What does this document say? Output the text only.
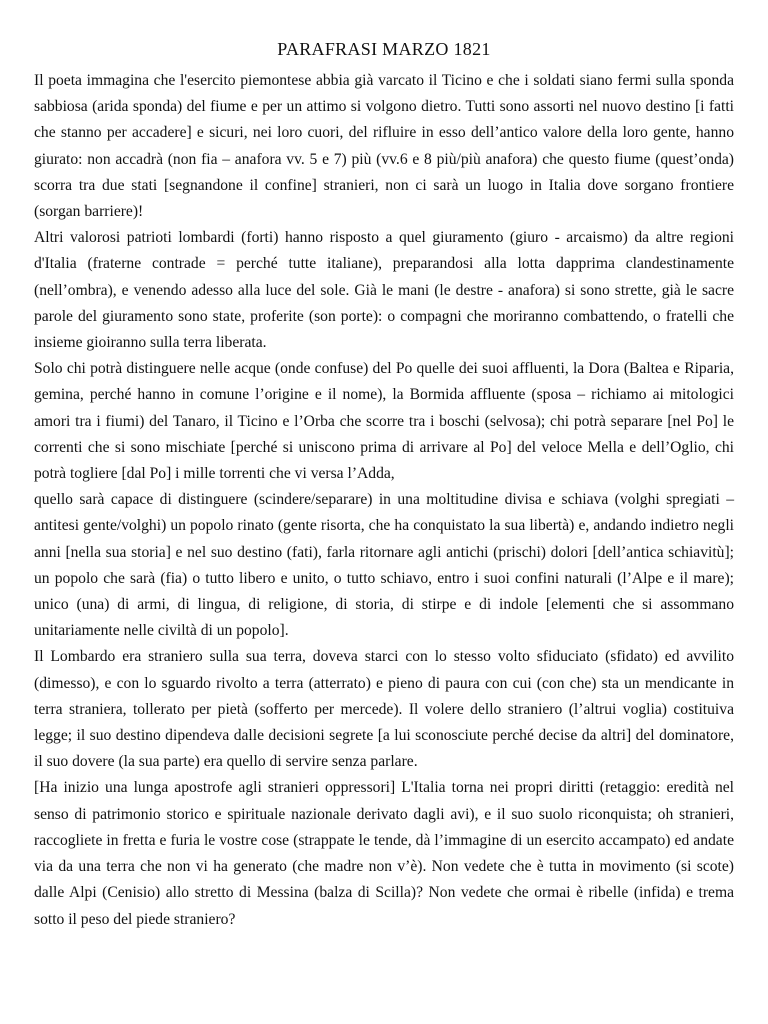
PARAFRASI MARZO 1821

Il poeta immagina che l'esercito piemontese abbia già varcato il Ticino e che i soldati siano fermi sulla sponda sabbiosa (arida sponda) del fiume e per un attimo si volgono dietro. Tutti sono assorti nel nuovo destino [i fatti che stanno per accadere] e sicuri, nei loro cuori, del rifluire in esso dell’antico valore della loro gente, hanno giurato: non accadrà (non fia – anafora vv. 5 e 7) più (vv.6 e 8 più/più anafora) che questo fiume (quest’onda) scorra tra due stati [segnandone il confine] stranieri, non ci sarà un luogo in Italia dove sorgano frontiere (sorgan barriere)!

Altri valorosi patrioti lombardi (forti) hanno risposto a quel giuramento (giuro - arcaismo) da altre regioni d'Italia (fraterne contrade = perché tutte italiane), preparandosi alla lotta dapprima clandestinamente (nell’ombra), e venendo adesso alla luce del sole. Già le mani (le destre - anafora) si sono strette, già le sacre parole del giuramento sono state, proferite (son porte): o compagni che moriranno combattendo, o fratelli che insieme gioiranno sulla terra liberata.

Solo chi potrà distinguere nelle acque (onde confuse) del Po quelle dei suoi affluenti, la Dora (Baltea e Riparia, gemina, perché hanno in comune l’origine e il nome), la Bormida affluente (sposa – richiamo ai mitologici amori tra i fiumi) del Tanaro, il Ticino e l’Orba che scorre tra i boschi (selvosa); chi potrà separare [nel Po] le correnti che si sono mischiate [perché si uniscono prima di arrivare al Po] del veloce Mella e dell’Oglio, chi potrà togliere [dal Po] i mille torrenti che vi versa l’Adda,

quello sarà capace di distinguere (scindere/separare) in una moltitudine divisa e schiava (volghi spregiati – antitesi gente/volghi) un popolo rinato (gente risorta, che ha conquistato la sua libertà) e, andando indietro negli anni [nella sua storia] e nel suo destino (fati), farla ritornare agli antichi (prischi) dolori [dell’antica schiavitù]; un popolo che sarà (fia) o tutto libero e unito, o tutto schiavo, entro i suoi confini naturali (l’Alpe e il mare); unico (una) di armi, di lingua, di religione, di storia, di stirpe e di indole [elementi che si assommano unitariamente nelle civiltà di un popolo].

Il Lombardo era straniero sulla sua terra, doveva starci con lo stesso volto sfiduciato (sfidato) ed avvilito (dimesso), e con lo sguardo rivolto a terra (atterrato) e pieno di paura con cui (con che) sta un mendicante in terra straniera, tollerato per pietà (sofferto per mercede). Il volere dello straniero (l’altrui voglia) costituiva legge; il suo destino dipendeva dalle decisioni segrete [a lui sconosciute perché decise da altri] del dominatore, il suo dovere (la sua parte) era quello di servire senza parlare.

[Ha inizio una lunga apostrofe agli stranieri oppressori] L'Italia torna nei propri diritti (retaggio: eredità nel senso di patrimonio storico e spirituale nazionale derivato dagli avi), e il suo suolo riconquista; oh stranieri, raccogliete in fretta e furia le vostre cose (strappate le tende, dà l’immagine di un esercito accampato) ed andate via da una terra che non vi ha generato (che madre non v’è). Non vedete che è tutta in movimento (si scote) dalle Alpi (Cenisio) allo stretto di Messina (balza di Scilla)? Non vedete che ormai è ribelle (infida) e trema sotto il peso del piede straniero?
